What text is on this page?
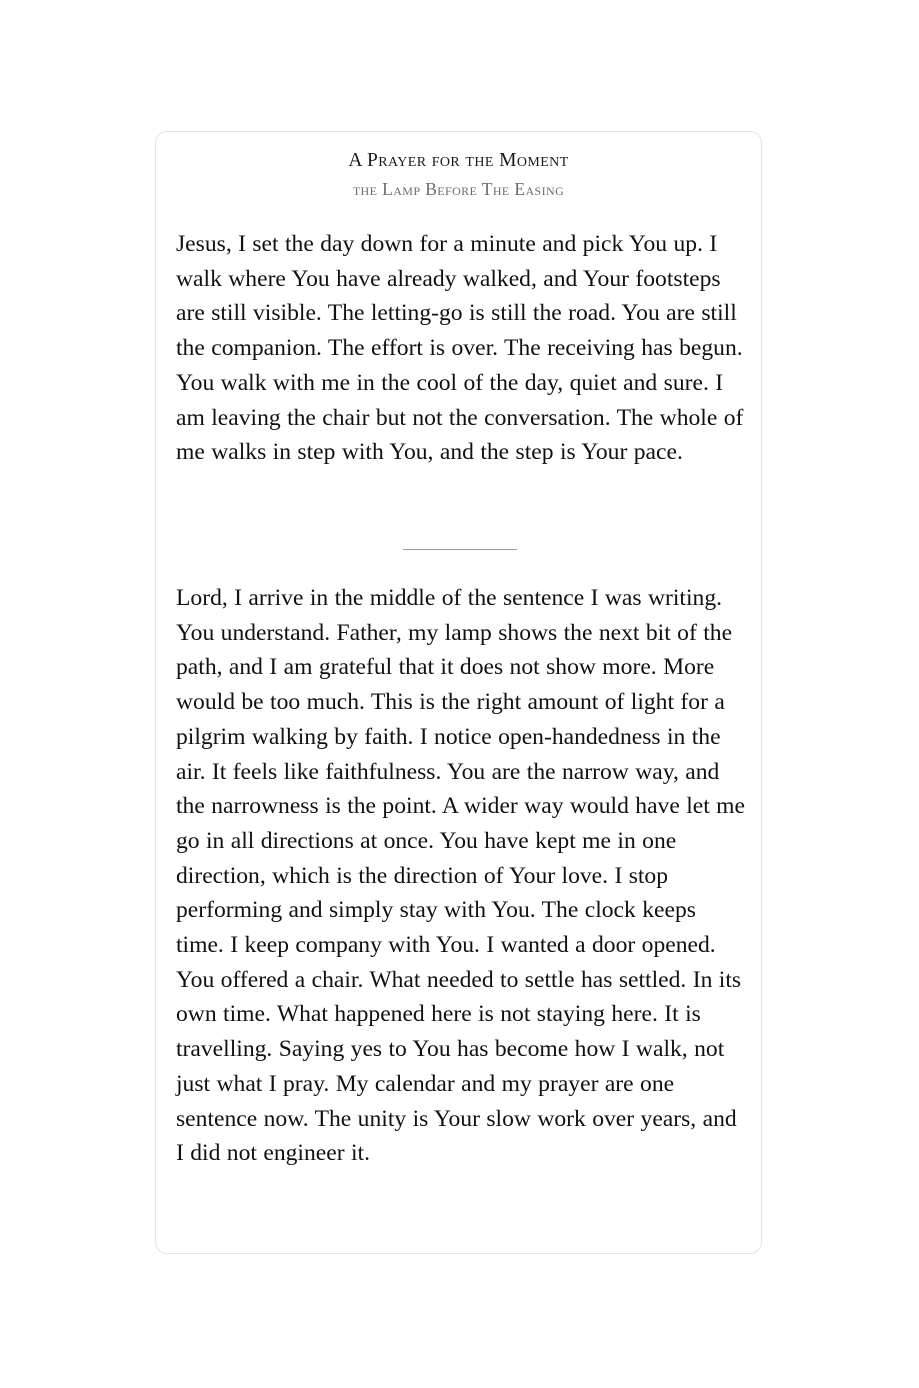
A Prayer for the Moment
the Lamp Before The Easing

Jesus, I set the day down for a minute and pick You up. I walk where You have already walked, and Your footsteps are still visible. The letting-go is still the road. You are still the companion. The effort is over. The receiving has begun. You walk with me in the cool of the day, quiet and sure. I am leaving the chair but not the conversation. The whole of me walks in step with You, and the step is Your pace.

Lord, I arrive in the middle of the sentence I was writing. You understand. Father, my lamp shows the next bit of the path, and I am grateful that it does not show more. More would be too much. This is the right amount of light for a pilgrim walking by faith. I notice open-handedness in the air. It feels like faithfulness. You are the narrow way, and the narrowness is the point. A wider way would have let me go in all directions at once. You have kept me in one direction, which is the direction of Your love. I stop performing and simply stay with You. The clock keeps time. I keep company with You. I wanted a door opened. You offered a chair. What needed to settle has settled. In its own time. What happened here is not staying here. It is travelling. Saying yes to You has become how I walk, not just what I pray. My calendar and my prayer are one sentence now. The unity is Your slow work over years, and I did not engineer it.
